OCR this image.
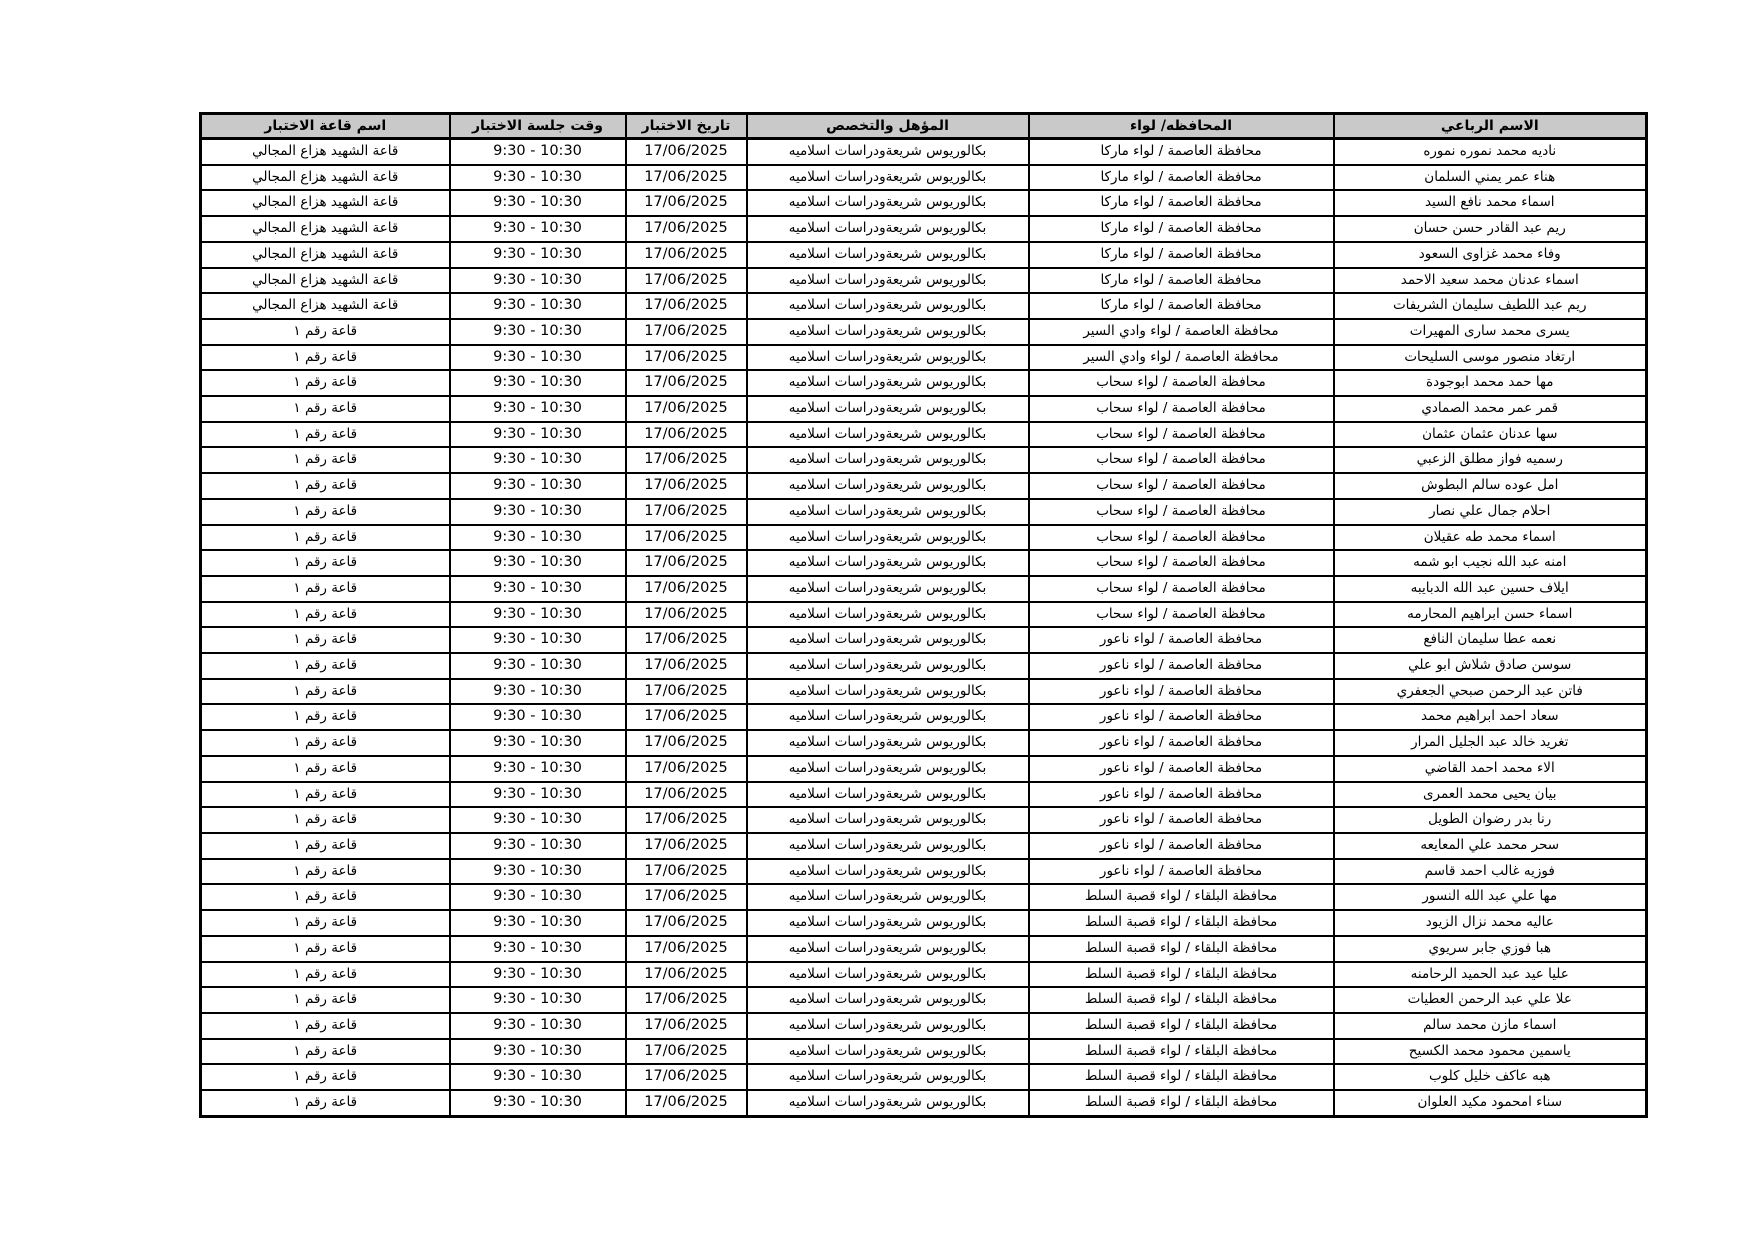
الاسم الرباعي	المحافظه/ لواء	المؤهل والتخصص	تاريخ الاختبار	وقت جلسة الاختبار	اسم قاعة الاختبار
ناديه محمد نموره نموره	محافظة العاصمة / لواء ماركا	بكالوريوس شريعةودراسات اسلاميه	17/06/2025	9:30 - 10:30	قاعة الشهيد هزاع المجالي
هناء عمر يمني السلمان	محافظة العاصمة / لواء ماركا	بكالوريوس شريعةودراسات اسلاميه	17/06/2025	9:30 - 10:30	قاعة الشهيد هزاع المجالي
اسماء محمد نافع السيد	محافظة العاصمة / لواء ماركا	بكالوريوس شريعةودراسات اسلاميه	17/06/2025	9:30 - 10:30	قاعة الشهيد هزاع المجالي
ريم عبد القادر حسن حسان	محافظة العاصمة / لواء ماركا	بكالوريوس شريعةودراسات اسلاميه	17/06/2025	9:30 - 10:30	قاعة الشهيد هزاع المجالي
وفاء محمد غزاوى السعود	محافظة العاصمة / لواء ماركا	بكالوريوس شريعةودراسات اسلاميه	17/06/2025	9:30 - 10:30	قاعة الشهيد هزاع المجالي
اسماء عدنان محمد سعيد الاحمد	محافظة العاصمة / لواء ماركا	بكالوريوس شريعةودراسات اسلاميه	17/06/2025	9:30 - 10:30	قاعة الشهيد هزاع المجالي
ريم عبد اللطيف سليمان الشريفات	محافظة العاصمة / لواء ماركا	بكالوريوس شريعةودراسات اسلاميه	17/06/2025	9:30 - 10:30	قاعة الشهيد هزاع المجالي
يسرى محمد سارى المهيرات	محافظة العاصمة / لواء وادي السير	بكالوريوس شريعةودراسات اسلاميه	17/06/2025	9:30 - 10:30	قاعة رقم ١
ارتغاد منصور موسى السليحات	محافظة العاصمة / لواء وادي السير	بكالوريوس شريعةودراسات اسلاميه	17/06/2025	9:30 - 10:30	قاعة رقم ١
مها حمد محمد ابوجودة	محافظة العاصمة / لواء سحاب	بكالوريوس شريعةودراسات اسلاميه	17/06/2025	9:30 - 10:30	قاعة رقم ١
قمر عمر محمد الصمادي	محافظة العاصمة / لواء سحاب	بكالوريوس شريعةودراسات اسلاميه	17/06/2025	9:30 - 10:30	قاعة رقم ١
سها عدنان عثمان عثمان	محافظة العاصمة / لواء سحاب	بكالوريوس شريعةودراسات اسلاميه	17/06/2025	9:30 - 10:30	قاعة رقم ١
رسميه فواز مطلق الزعبي	محافظة العاصمة / لواء سحاب	بكالوريوس شريعةودراسات اسلاميه	17/06/2025	9:30 - 10:30	قاعة رقم ١
امل عوده سالم البطوش	محافظة العاصمة / لواء سحاب	بكالوريوس شريعةودراسات اسلاميه	17/06/2025	9:30 - 10:30	قاعة رقم ١
احلام جمال علي نصار	محافظة العاصمة / لواء سحاب	بكالوريوس شريعةودراسات اسلاميه	17/06/2025	9:30 - 10:30	قاعة رقم ١
اسماء محمد طه عقيلان	محافظة العاصمة / لواء سحاب	بكالوريوس شريعةودراسات اسلاميه	17/06/2025	9:30 - 10:30	قاعة رقم ١
امنه عبد الله نجيب ابو شمه	محافظة العاصمة / لواء سحاب	بكالوريوس شريعةودراسات اسلاميه	17/06/2025	9:30 - 10:30	قاعة رقم ١
ايلاف حسين عبد الله الدبايبه	محافظة العاصمة / لواء سحاب	بكالوريوس شريعةودراسات اسلاميه	17/06/2025	9:30 - 10:30	قاعة رقم ١
اسماء حسن ابراهيم المحارمه	محافظة العاصمة / لواء سحاب	بكالوريوس شريعةودراسات اسلاميه	17/06/2025	9:30 - 10:30	قاعة رقم ١
نعمه عطا سليمان النافع	محافظة العاصمة / لواء ناعور	بكالوريوس شريعةودراسات اسلاميه	17/06/2025	9:30 - 10:30	قاعة رقم ١
سوسن صادق شلاش ابو علي	محافظة العاصمة / لواء ناعور	بكالوريوس شريعةودراسات اسلاميه	17/06/2025	9:30 - 10:30	قاعة رقم ١
فاتن عبد الرحمن صبحي الجعفري	محافظة العاصمة / لواء ناعور	بكالوريوس شريعةودراسات اسلاميه	17/06/2025	9:30 - 10:30	قاعة رقم ١
سعاد احمد ابراهيم محمد	محافظة العاصمة / لواء ناعور	بكالوريوس شريعةودراسات اسلاميه	17/06/2025	9:30 - 10:30	قاعة رقم ١
تغريد خالد عبد الجليل المرار	محافظة العاصمة / لواء ناعور	بكالوريوس شريعةودراسات اسلاميه	17/06/2025	9:30 - 10:30	قاعة رقم ١
الاء محمد احمد القاضي	محافظة العاصمة / لواء ناعور	بكالوريوس شريعةودراسات اسلاميه	17/06/2025	9:30 - 10:30	قاعة رقم ١
بيان يحيى محمد العمرى	محافظة العاصمة / لواء ناعور	بكالوريوس شريعةودراسات اسلاميه	17/06/2025	9:30 - 10:30	قاعة رقم ١
رنا بدر رضوان الطويل	محافظة العاصمة / لواء ناعور	بكالوريوس شريعةودراسات اسلاميه	17/06/2025	9:30 - 10:30	قاعة رقم ١
سحر محمد علي المعايعه	محافظة العاصمة / لواء ناعور	بكالوريوس شريعةودراسات اسلاميه	17/06/2025	9:30 - 10:30	قاعة رقم ١
فوزيه غالب احمد قاسم	محافظة العاصمة / لواء ناعور	بكالوريوس شريعةودراسات اسلاميه	17/06/2025	9:30 - 10:30	قاعة رقم ١
مها علي عبد الله النسور	محافظة البلقاء / لواء قصبة السلط	بكالوريوس شريعةودراسات اسلاميه	17/06/2025	9:30 - 10:30	قاعة رقم ١
عاليه محمد نزال الزيود	محافظة البلقاء / لواء قصبة السلط	بكالوريوس شريعةودراسات اسلاميه	17/06/2025	9:30 - 10:30	قاعة رقم ١
هبا فوزي جابر سريوي	محافظة البلقاء / لواء قصبة السلط	بكالوريوس شريعةودراسات اسلاميه	17/06/2025	9:30 - 10:30	قاعة رقم ١
عليا عيد عبد الحميد الرحامنه	محافظة البلقاء / لواء قصبة السلط	بكالوريوس شريعةودراسات اسلاميه	17/06/2025	9:30 - 10:30	قاعة رقم ١
علا علي عبد الرحمن العطيات	محافظة البلقاء / لواء قصبة السلط	بكالوريوس شريعةودراسات اسلاميه	17/06/2025	9:30 - 10:30	قاعة رقم ١
اسماء مازن محمد سالم	محافظة البلقاء / لواء قصبة السلط	بكالوريوس شريعةودراسات اسلاميه	17/06/2025	9:30 - 10:30	قاعة رقم ١
ياسمين محمود محمد الكسيح	محافظة البلقاء / لواء قصبة السلط	بكالوريوس شريعةودراسات اسلاميه	17/06/2025	9:30 - 10:30	قاعة رقم ١
هبه عاكف خليل كلوب	محافظة البلقاء / لواء قصبة السلط	بكالوريوس شريعةودراسات اسلاميه	17/06/2025	9:30 - 10:30	قاعة رقم ١
سناء امحمود مكيد العلوان	محافظة البلقاء / لواء قصبة السلط	بكالوريوس شريعةودراسات اسلاميه	17/06/2025	9:30 - 10:30	قاعة رقم ١
